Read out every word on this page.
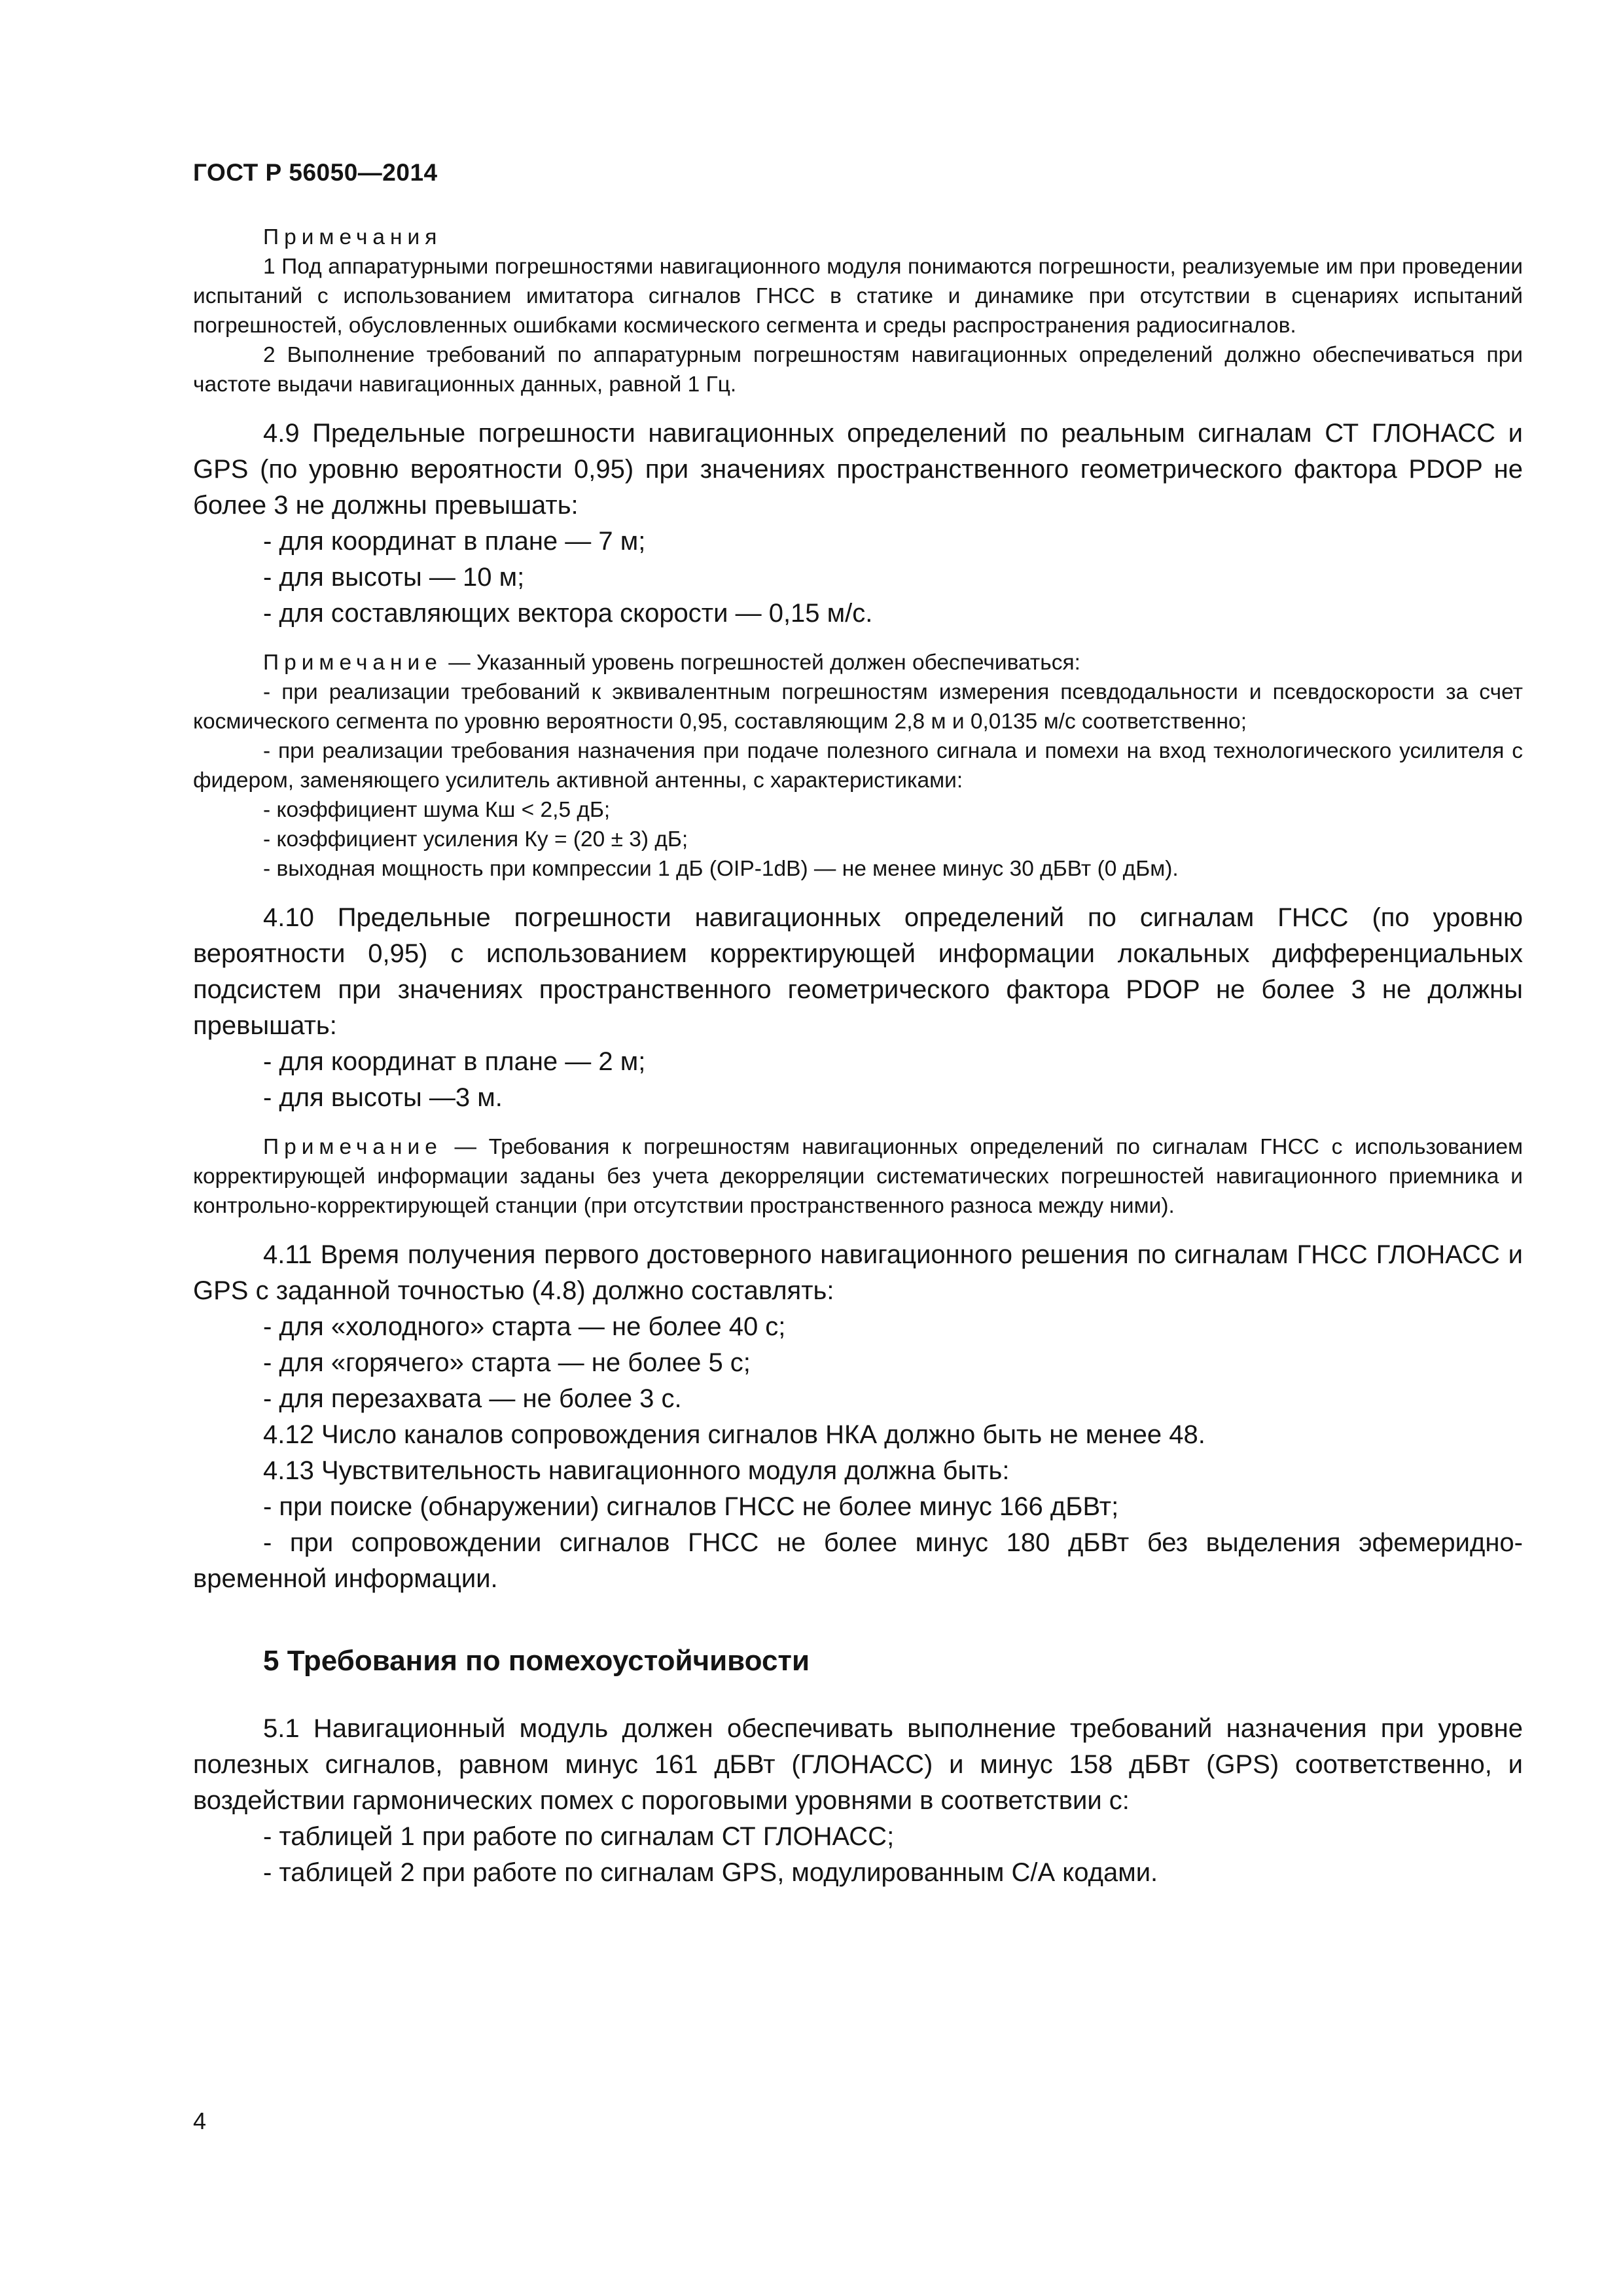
ГОСТ Р 56050—2014

Примечания

1 Под аппаратурными погрешностями навигационного модуля понимаются погрешности, реализуемые им при проведении испытаний с использованием имитатора сигналов ГНСС в статике и динамике при отсутствии в сценариях испытаний погрешностей, обусловленных ошибками космического сегмента и среды распространения радиосигналов.

2 Выполнение требований по аппаратурным погрешностям навигационных определений должно обеспечиваться при частоте выдачи навигационных данных, равной 1 Гц.

4.9 Предельные погрешности навигационных определений по реальным сигналам СТ ГЛОНАСС и GPS (по уровню вероятности 0,95) при значениях пространственного геометрического фактора PDOP не более 3 не должны превышать:

- для координат в плане — 7 м;

- для высоты — 10 м;

- для составляющих вектора скорости — 0,15 м/с.

Примечание — Указанный уровень погрешностей должен обеспечиваться:

- при реализации требований к эквивалентным погрешностям измерения псевдодальности и псевдоскорости за счет космического сегмента по уровню вероятности 0,95, составляющим 2,8 м и 0,0135 м/с соответственно;

- при реализации требования назначения при подаче полезного сигнала и помехи на вход технологического усилителя с фидером, заменяющего усилитель активной антенны, с характеристиками:

- коэффициент шума Кш < 2,5 дБ;

- коэффициент усиления Ку = (20 ± 3) дБ;

- выходная мощность при компрессии 1 дБ (OIP-1dB) — не менее минус 30 дБВт (0 дБм).

4.10 Предельные погрешности навигационных определений по сигналам ГНСС (по уровню вероятности 0,95) с использованием корректирующей информации локальных дифференциальных подсистем при значениях пространственного геометрического фактора PDOP не более 3 не должны превышать:

- для координат в плане — 2 м;

- для высоты —3 м.

Примечание — Требования к погрешностям навигационных определений по сигналам ГНСС с использованием корректирующей информации заданы без учета декорреляции систематических погрешностей навигационного приемника и контрольно-корректирующей станции (при отсутствии пространственного разноса между ними).

4.11 Время получения первого достоверного навигационного решения по сигналам ГНСС ГЛОНАСС и GPS с заданной точностью (4.8) должно составлять:

- для «холодного» старта — не более 40 с;

- для «горячего» старта — не более 5 с;

- для перезахвата — не более 3 с.

4.12 Число каналов сопровождения сигналов НКА должно быть не менее 48.

4.13 Чувствительность навигационного модуля должна быть:

- при поиске (обнаружении) сигналов ГНСС не более минус 166 дБВт;

- при сопровождении сигналов ГНСС не более минус 180 дБВт без выделения эфемеридно-временной информации.

5 Требования по помехоустойчивости

5.1 Навигационный модуль должен обеспечивать выполнение требований назначения при уровне полезных сигналов, равном минус 161 дБВт (ГЛОНАСС) и минус 158 дБВт (GPS) соответственно, и воздействии гармонических помех с пороговыми уровнями в соответствии с:

- таблицей 1 при работе по сигналам СТ ГЛОНАСС;

- таблицей 2 при работе по сигналам GPS, модулированным С/А кодами.

4
